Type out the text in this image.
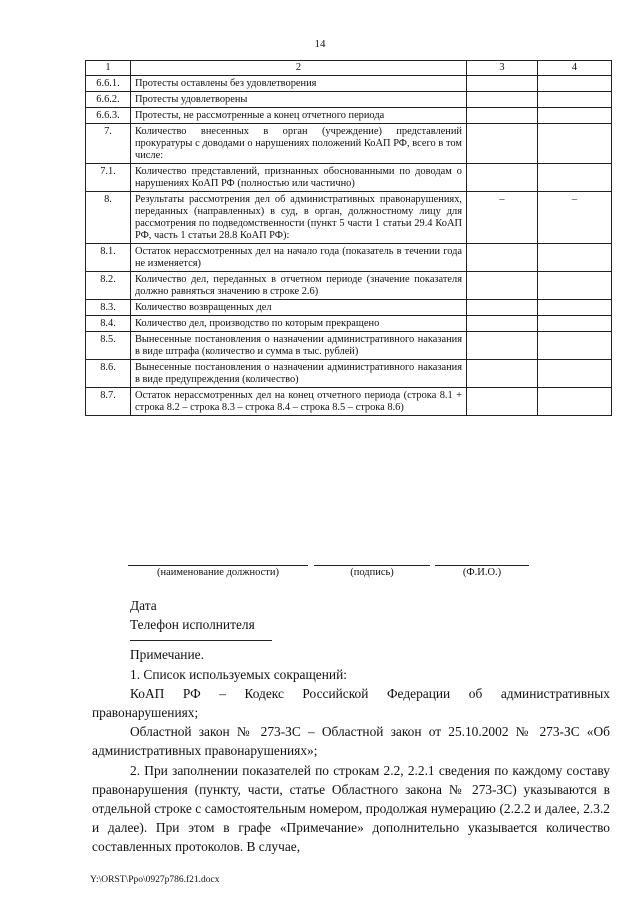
14
1	2	3	4
6.6.1.	Протесты оставлены без удовлетворения		
6.6.2.	Протесты удовлетворены		
6.6.3.	Протесты, не рассмотренные а конец отчетного периода		
7.	Количество внесенных в орган (учреждение) представлений прокуратуры с доводами о нарушениях положений КоАП РФ, всего в том числе:		
7.1.	Количество представлений, признанных обоснованными по доводам о нарушениях КоАП РФ (полностью или частично)		
8.	Результаты рассмотрения дел об административных правонарушениях, переданных (направленных) в суд, в орган, должностному лицу для рассмотрения по подведомственности (пункт 5 части 1 статьи 29.4 КоАП РФ, часть 1 статьи 28.8 КоАП РФ):	–	–
8.1.	Остаток нерассмотренных дел на начало года (показатель в течении года не изменяется)		
8.2.	Количество дел, переданных в отчетном периоде (значение показателя должно равняться значению в строке 2.6)		
8.3.	Количество возвращенных дел		
8.4.	Количество дел, производство по которым прекращено		
8.5.	Вынесенные постановления о назначении административного наказания в виде штрафа (количество и сумма в тыс. рублей)		
8.6.	Вынесенные постановления о назначении административного наказания в виде предупреждения (количество)		
8.7.	Остаток нерассмотренных дел на конец отчетного периода (строка 8.1 + строка 8.2 – строка 8.3 – строка 8.4 – строка 8.5 – строка 8.6)		
(наименование должности)	(подпись)	(Ф.И.О.)

Дата

Телефон исполнителя

Примечание.

1. Список используемых сокращений:

КоАП РФ – Кодекс Российской Федерации об административных правонарушениях;

Областной закон № 273-ЗС – Областной закон от 25.10.2002 № 273-ЗС «Об административных правонарушениях»;

2. При заполнении показателей по строкам 2.2, 2.2.1 сведения по каждому составу правонарушения (пункту, части, статье Областного закона № 273-ЗС) указываются в отдельной строке с самостоятельным номером, продолжая нумерацию (2.2.2 и далее, 2.3.2 и далее). При этом в графе «Примечание» дополнительно указывается количество составленных протоколов. В случае,

Y:\ORST\Ppo\0927p786.f21.docx
